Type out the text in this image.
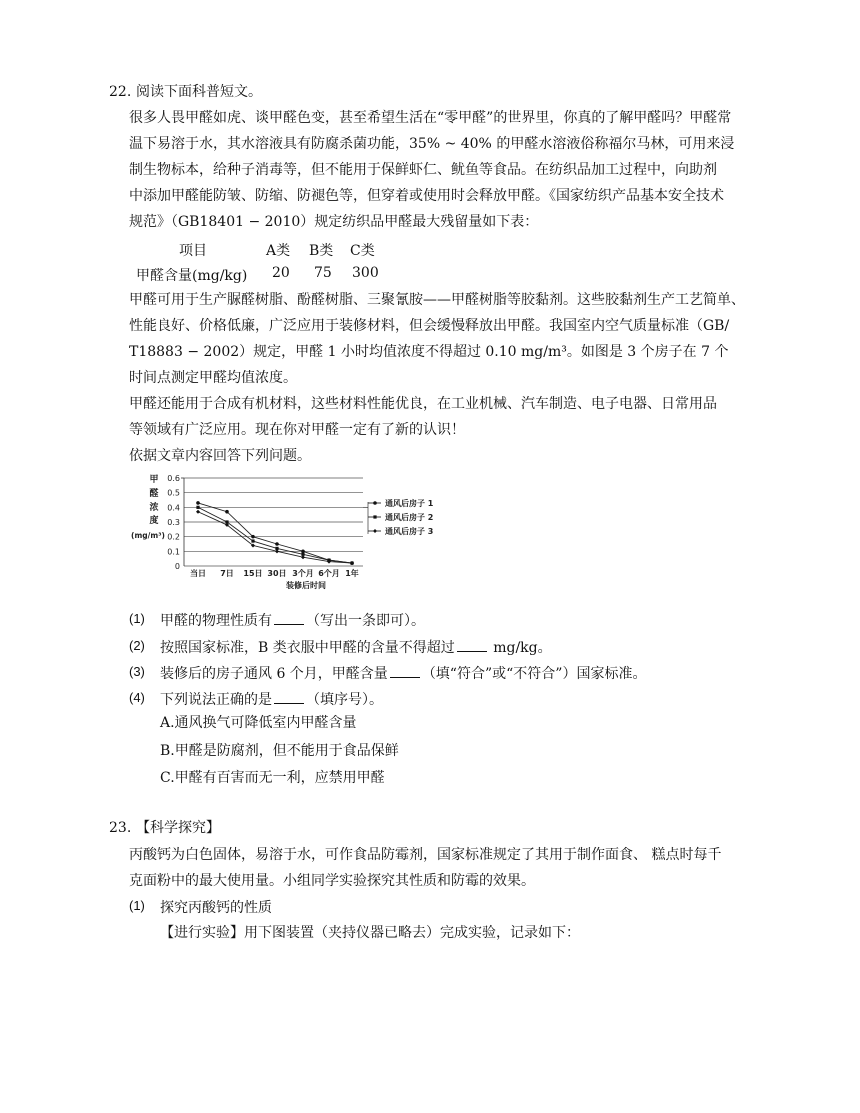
22. 阅读下面科普短文。
很多人畏甲醛如虎、谈甲醛色变，甚至希望生活在“零甲醛”的世界里，你真的了解甲醛吗？甲醛常
温下易溶于水，其水溶液具有防腐杀菌功能，35% ~ 40% 的甲醛水溶液俗称福尔马林，可用来浸
制生物标本，给种子消毒等，但不能用于保鲜虾仁、鱿鱼等食品。在纺织品加工过程中，向助剂
中添加甲醛能防皱、防缩、防褪色等，但穿着或使用时会释放甲醛。《国家纺织产品基本安全技术
规范》（GB18401 − 2010）规定纺织品甲醛最大残留量如下表：
项目	A类 B类 C类
甲醛含量(mg/kg) 20 75 300
甲醛可用于生产脲醛树脂、酚醛树脂、三聚氰胺——甲醛树脂等胶黏剂。这些胶黏剂生产工艺简单、
性能良好、价格低廉，广泛应用于装修材料，但会缓慢释放出甲醛。我国室内空气质量标准（GB/
T18883 − 2002）规定，甲醛 1 小时均值浓度不得超过 0.10 mg/m³。如图是 3 个房子在 7 个
时间点测定甲醛均值浓度。
甲醛还能用于合成有机材料，这些材料性能优良，在工业机械、汽车制造、电子电器、日常用品
等领域有广泛应用。现在你对甲醛一定有了新的认识！
依据文章内容回答下列问题。
0
0.1
0.2
0.3
0.4
0.5
0.6
甲
醛
浓
度
(mg/m³)
当日 7日 15日 30日 3个月 6个月 1年
装修后时间
通风后房子 1
通风后房子 2
通风后房子 3
(1) 甲醛的物理性质有 （写出一条即可）。
(2) 按照国家标准，B 类衣服中甲醛的含量不得超过 mg/kg。
(3) 装修后的房子通风 6 个月，甲醛含量 （填“符合”或“不符合”）国家标准。
(4) 下列说法正确的是 （填序号）。
A.通风换气可降低室内甲醛含量
B.甲醛是防腐剂，但不能用于食品保鲜
C.甲醛有百害而无一利，应禁用甲醛
23. 【科学探究】
丙酸钙为白色固体，易溶于水，可作食品防霉剂，国家标准规定了其用于制作面食、 糕点时每千
克面粉中的最大使用量。小组同学实验探究其性质和防霉的效果。
(1) 探究丙酸钙的性质
【进行实验】用下图装置（夹持仪器已略去）完成实验，记录如下：
